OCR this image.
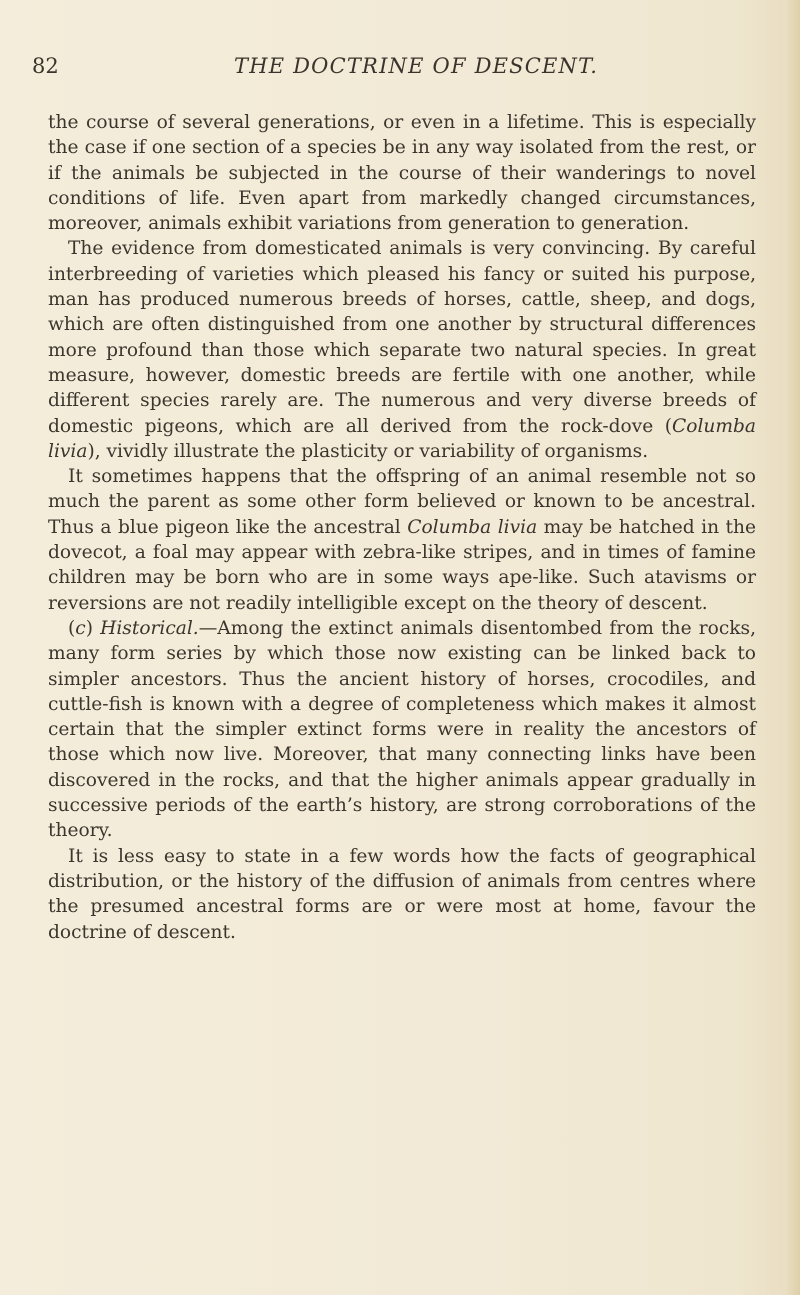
82	THE DOCTRINE OF DESCENT.

the course of several generations, or even in a lifetime. This is especially the case if one section of a species be in any way isolated from the rest, or if the animals be subjected in the course of their wanderings to novel conditions of life. Even apart from markedly changed circumstances, moreover, animals exhibit variations from generation to generation.

The evidence from domesticated animals is very convincing. By careful interbreeding of varieties which pleased his fancy or suited his purpose, man has produced numerous breeds of horses, cattle, sheep, and dogs, which are often distinguished from one another by structural differences more profound than those which separate two natural species. In great measure, however, domestic breeds are fertile with one another, while different species rarely are. The numerous and very diverse breeds of domestic pigeons, which are all derived from the rock-dove (Columba livia), vividly illustrate the plasticity or variability of organisms.

It sometimes happens that the offspring of an animal resemble not so much the parent as some other form believed or known to be ancestral. Thus a blue pigeon like the ancestral Columba livia may be hatched in the dovecot, a foal may appear with zebra-like stripes, and in times of famine children may be born who are in some ways ape-like. Such atavisms or reversions are not readily intelligible except on the theory of descent.

(c) Historical.—Among the extinct animals disentombed from the rocks, many form series by which those now existing can be linked back to simpler ancestors. Thus the ancient history of horses, crocodiles, and cuttle-fish is known with a degree of completeness which makes it almost certain that the simpler extinct forms were in reality the ancestors of those which now live. Moreover, that many connecting links have been discovered in the rocks, and that the higher animals appear gradually in successive periods of the earth’s history, are strong corroborations of the theory.

It is less easy to state in a few words how the facts of geographical distribution, or the history of the diffusion of animals from centres where the presumed ancestral forms are or were most at home, favour the doctrine of descent.
